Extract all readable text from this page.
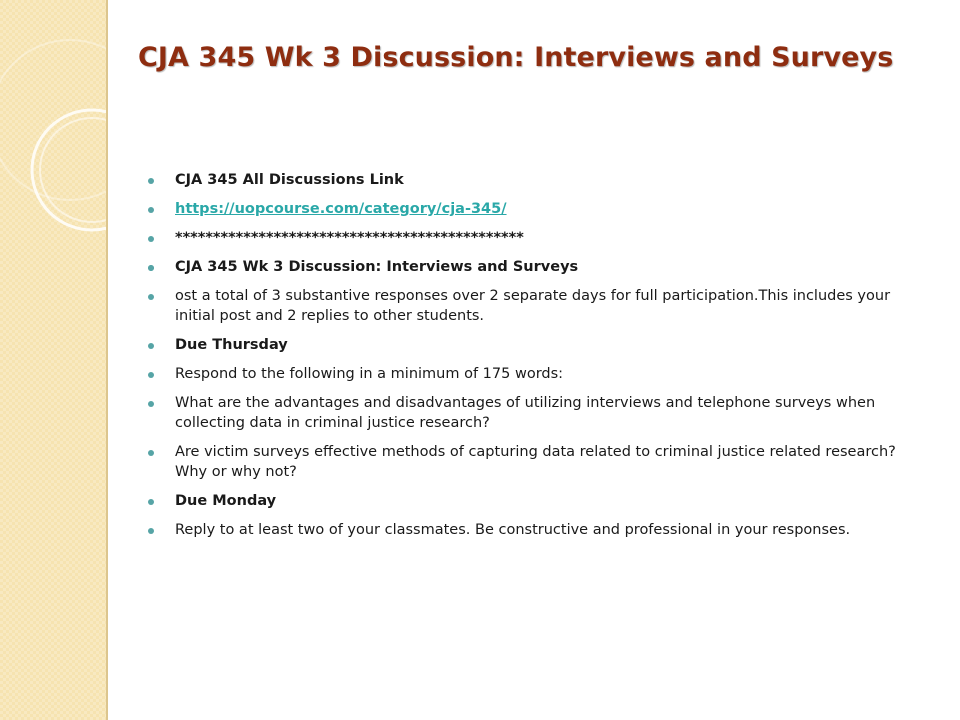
CJA 345 Wk 3 Discussion: Interviews and Surveys
CJA 345 All Discussions Link
https://uopcourse.com/category/cja-345/
**********************************************
CJA 345 Wk 3 Discussion: Interviews and Surveys
ost a total of 3 substantive responses over 2 separate days for full participation.This includes your initial post and 2 replies to other students.
Due Thursday
Respond to the following in a minimum of 175 words:
What are the advantages and disadvantages of utilizing interviews and telephone surveys when collecting data in criminal justice research?
Are victim surveys effective methods of capturing data related to criminal justice related research? Why or why not?
Due Monday
Reply to at least two of your classmates. Be constructive and professional in your responses.
